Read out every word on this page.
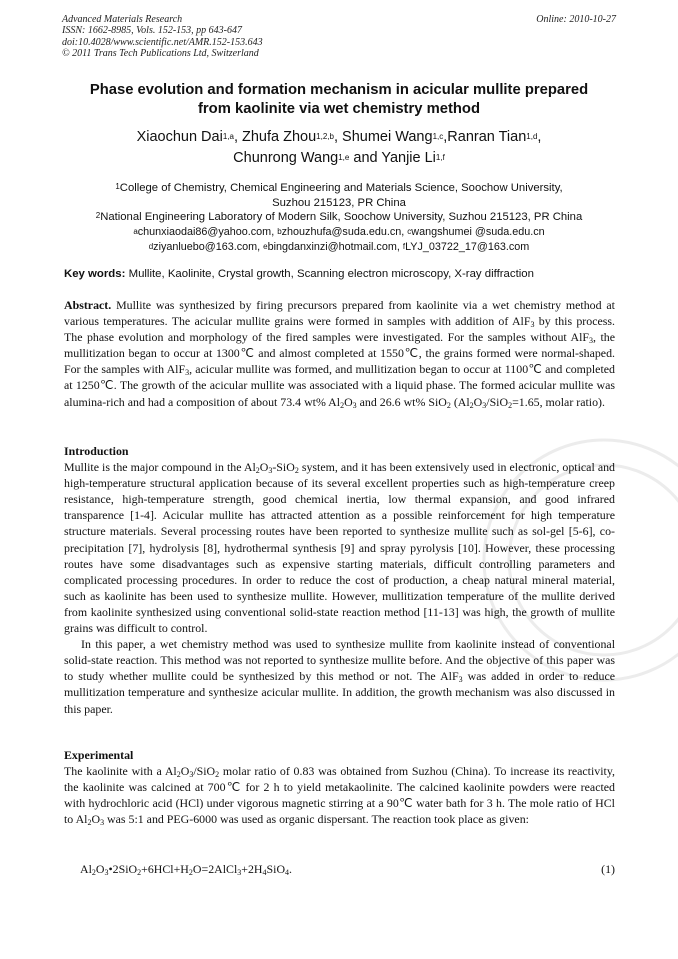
Advanced Materials Research
ISSN: 1662-8985, Vols. 152-153, pp 643-647
doi:10.4028/www.scientific.net/AMR.152-153.643
© 2011 Trans Tech Publications Ltd, Switzerland
Online: 2010-10-27
Phase evolution and formation mechanism in acicular mullite prepared
from kaolinite via wet chemistry method
Xiaochun Dai$^{1,a}$, Zhufa Zhou$^{1,2,b}$, Shumei Wang$^{1,c}$,Ranran Tian$^{1,d}$,
Chunrong Wang$^{1,e}$ and Yanjie Li$^{1,f}$
$^1$College of Chemistry, Chemical Engineering and Materials Science, Soochow University,
Suzhou 215123, PR China
$^2$National Engineering Laboratory of Modern Silk, Soochow University, Suzhou 215123, PR China
$^a$chunxiaodai86@yahoo.com, $^b$zhouzhufa@suda.edu.cn, $^c$wangshumei @suda.edu.cn
$^d$ziyanluebo@163.com, $^e$bingdanxinzi@hotmail.com, $^f$LYJ_03722_17@163.com
Key words: Mullite, Kaolinite, Crystal growth, Scanning electron microscopy, X-ray diffraction

Abstract. Mullite was synthesized by firing precursors prepared from kaolinite via a wet chemistry method at various temperatures. The acicular mullite grains were formed in samples with addition of AlF$_3$ by this process. The phase evolution and morphology of the fired samples were investigated. For the samples without AlF$_3$, the mullitization began to occur at 1300℃ and almost completed at 1550℃, the grains formed were normal-shaped. For the samples with AlF$_3$, acicular mullite was formed, and mullitization began to occur at 1100℃ and completed at 1250℃. The growth of the acicular mullite was associated with a liquid phase. The formed acicular mullite was alumina-rich and had a composition of about 73.4 wt% $Al_2O_3$ and 26.6 wt% SiO$_2$ ($Al_2O_3/SiO_2=1.65$, molar ratio).

Introduction

Mullite is the major compound in the $Al_2O_3-SiO_2$ system, and it has been extensively used in electronic, optical and high-temperature structural application because of its several excellent properties such as high-temperature creep resistance, high-temperature strength, good chemical inertia, low thermal expansion, and good infrared transparence [1-4]. Acicular mullite has attracted attention as a possible reinforcement for high temperature structure materials. Several processing routes have been reported to synthesize mullite such as sol-gel [5-6], co-precipitation [7], hydrolysis [8], hydrothermal synthesis [9] and spray pyrolysis [10]. However, these processing routes have some disadvantages such as expensive starting materials, difficult controlling parameters and complicated processing procedures. In order to reduce the cost of production, a cheap natural mineral material, such as kaolinite has been used to synthesize mullite. However, mullitization temperature of the mullite derived from kaolinite synthesized using conventional solid-state reaction method [11-13] was high, the growth of mullite grains was difficult to control.

In this paper, a wet chemistry method was used to synthesize mullite from kaolinite instead of conventional solid-state reaction. This method was not reported to synthesize mullite before. And the objective of this paper was to study whether mullite could be synthesized by this method or not. The AlF$_3$ was added in order to reduce mullitization temperature and synthesize acicular mullite. In addition, the growth mechanism was also discussed in this paper.

Experimental

The kaolinite with a $Al_2O_3/SiO_2$ molar ratio of 0.83 was obtained from Suzhou (China). To increase its reactivity, the kaolinite was calcined at 700℃ for 2 h to yield metakaolinite. The calcined kaolinite powders were reacted with hydrochloric acid (HCl) under vigorous magnetic stirring at a 90℃ water bath for 3 h. The mole ratio of HCl to $Al_2O_3$ was 5:1 and PEG-6000 was used as organic dispersant. The reaction took place as given:

$Al_2O_3•2SiO_2+6HCl+H_2O=2AlCl_3+2H_4SiO_4$.	(1)
